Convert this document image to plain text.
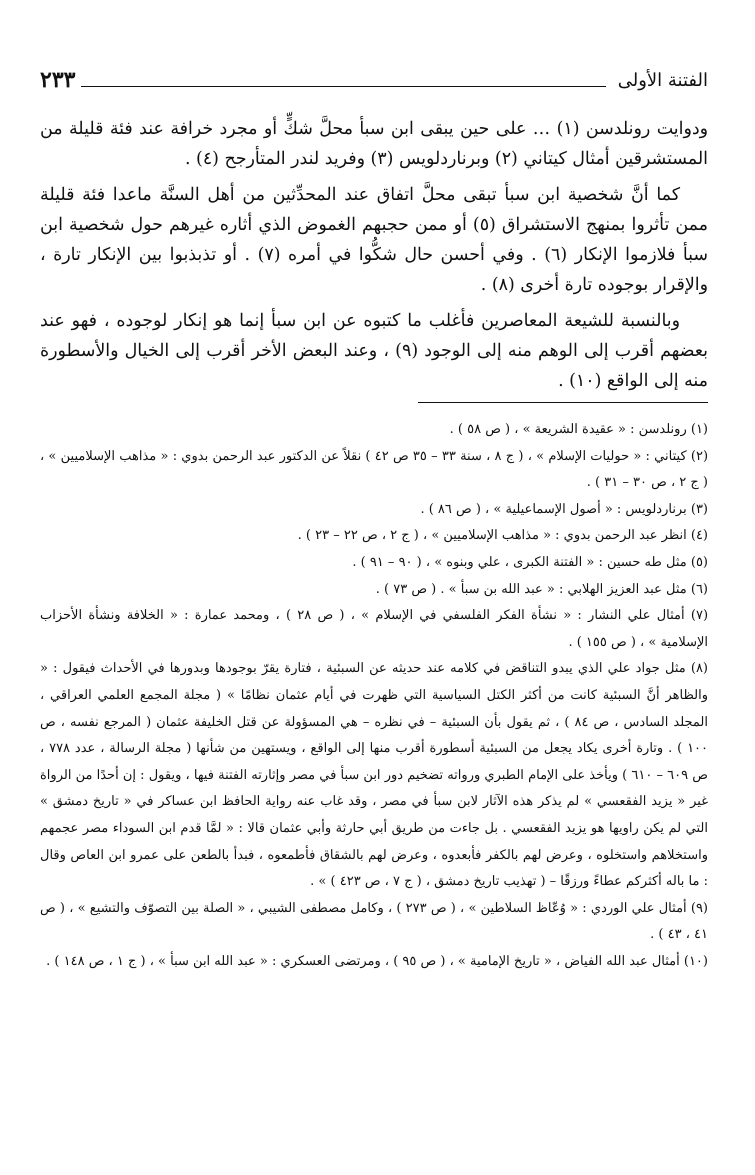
الفتنة الأولى
٢٣٣

ودوايت رونلدسن (١) … على حين يبقى ابن سبأ محلَّ شكٍّ أو مجرد خرافة عند فئة قليلة من المستشرقين أمثال كيتاني (٢) وبرناردلويس (٣) وفريد لندر المتأرجح (٤) .

كما أنَّ شخصية ابن سبأ تبقى محلَّ اتفاق عند المحدِّثين من أهل السنَّة ماعدا فئة قليلة ممن تأثروا بمنهج الاستشراق (٥) أو ممن حجبهم الغموض الذي أثاره غيرهم حول شخصية ابن سبأ فلازموا الإنكار (٦) . وفي أحسن حال شكُّوا في أمره (٧) . أو تذبذبوا بين الإنكار تارة ، والإقرار بوجوده تارة أخرى (٨) .

وبالنسبة للشيعة المعاصرين فأغلب ما كتبوه عن ابن سبأ إنما هو إنكار لوجوده ، فهو عند بعضهم أقرب إلى الوهم منه إلى الوجود (٩) ، وعند البعض الأخر أقرب إلى الخيال والأسطورة منه إلى الواقع (١٠) .

(١) رونلدسن : « عقيدة الشريعة » ، ( ص ٥٨ ) .

(٢) كيتاني : « حوليات الإسلام » ، ( ج ٨ ، سنة ٣٣ – ٣٥ ص ٤٢ ) نقلاً عن الدكتور عبد الرحمن بدوي : « مذاهب الإسلاميين » ، ( ج ٢ ، ص ٣٠ – ٣١ ) .

(٣) برناردلويس : « أصول الإسماعيلية » ، ( ص ٨٦ ) .

(٤) انظر عبد الرحمن بدوي : « مذاهب الإسلاميين » ، ( ج ٢ ، ص ٢٢ – ٢٣ ) .

(٥) مثل طه حسين : « الفتنة الكبرى ، علي وبنوه » ، ( ٩٠ – ٩١ ) .

(٦) مثل عبد العزيز الهلابي : « عبد الله بن سبأ » . ( ص ٧٣ ) .

(٧) أمثال علي النشار : « نشأة الفكر الفلسفي في الإسلام » ، ( ص ٢٨ ) ، ومحمد عمارة : « الخلافة ونشأة الأحزاب الإسلامية » ، ( ص ١٥٥ ) .

(٨) مثل جواد علي الذي يبدو التناقض في كلامه عند حديثه عن السبئية ، فتارة يقرّ بوجودها وبدورها في الأحداث فيقول : « والظاهر أنَّ السبئية كانت من أكثر الكتل السياسية التي ظهرت في أيام عثمان نظامًا » ( مجلة المجمع العلمي العراقي ، المجلد السادس ، ص ٨٤ ) ، ثم يقول بأن السبئية – في نظره – هي المسؤولة عن قتل الخليفة عثمان ( المرجع نفسه ، ص ١٠٠ ) . وتارة أخرى يكاد يجعل من السبئية أسطورة أقرب منها إلى الواقع ، ويستهين من شأنها ( مجلة الرسالة ، عدد ٧٧٨ ، ص ٦٠٩ – ٦١٠ ) ويأخذ على الإمام الطبري ورواته تضخيم دور ابن سبأ في مصر وإثارته الفتنة فيها ، ويقول : إن أحدًا من الرواة غير « يزيد الفقعسي » لم يذكر هذه الآثار لابن سبأ في مصر ، وقد غاب عنه رواية الحافظ ابن عساكر في « تاريخ دمشق » التي لم يكن راويها هو يزيد الفقعسي . بل جاءت من طريق أبي حارثة وأبي عثمان قالا : « لمَّا قدم ابن السوداء مصر عجمهم واستخلاهم واستخلوه ، وعرض لهم بالكفر فأبعدوه ، وعرض لهم بالشقاق فأطمعوه ، فبدأ بالطعن على عمرو ابن العاص وقال : ما باله أكثركم عطاءً ورزقًا – ( تهذيب تاريخ دمشق ، ( ج ٧ ، ص ٤٢٣ ) » .

(٩) أمثال علي الوردي : « وُعّاظ السلاطين » ، ( ص ٢٧٣ ) ، وكامل مصطفى الشيبي ، « الصلة بين التصوّف والتشيع » ، ( ص ٤١ ، ٤٣ ) .

(١٠) أمثال عبد الله الفياض ، « تاريخ الإمامية » ، ( ص ٩٥ ) ، ومرتضى العسكري : « عبد الله ابن سبأ » ، ( ج ١ ، ص ١٤٨ ) .
